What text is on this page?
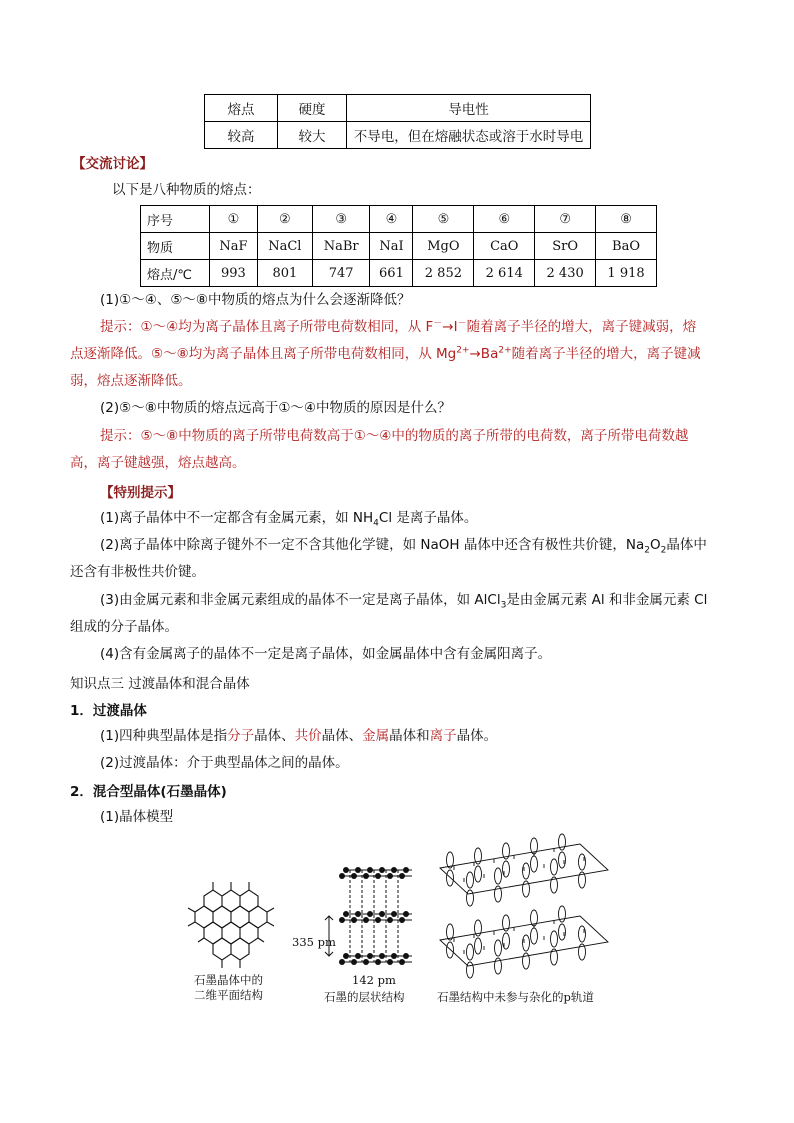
熔点	硬度	导电性
较高	较大	不导电，但在熔融状态或溶于水时导电
【交流讨论】
以下是八种物质的熔点：
序号	①	②	③	④	⑤	⑥	⑦	⑧
物质	NaF	NaCl	NaBr	NaI	MgO	CaO	SrO	BaO
熔点/℃	993	801	747	661	2 852	2 614	2 430	1 918
(1)①～④、⑤～⑧中物质的熔点为什么会逐渐降低？
提示：①～④均为离子晶体且离子所带电荷数相同，从 F－→I－随着离子半径的增大，离子键减弱，熔
点逐渐降低。⑤～⑧均为离子晶体且离子所带电荷数相同，从 $Mg^{2+}\to Ba^{2+}$随着离子半径的增大，离子键减
弱，熔点逐渐降低。
(2)⑤～⑧中物质的熔点远高于①～④中物质的原因是什么？
提示：⑤～⑧中物质的离子所带电荷数高于①～④中的物质的离子所带的电荷数，离子所带电荷数越
高，离子键越强，熔点越高。
【特别提示】
(1)离子晶体中不一定都含有金属元素，如 $NH_4Cl$ 是离子晶体。
(2)离子晶体中除离子键外不一定不含其他化学键，如 NaOH 晶体中还含有极性共价键，$Na_2O_2$晶体中
还含有非极性共价键。
(3)由金属元素和非金属元素组成的晶体不一定是离子晶体，如 AlCl$_3$是由金属元素 Al 和非金属元素 Cl
组成的分子晶体。
(4)含有金属离子的晶体不一定是离子晶体，如金属晶体中含有金属阳离子。
知识点三 过渡晶体和混合晶体
1．过渡晶体
(1)四种典型晶体是指分子晶体、共价晶体、金属晶体和离子晶体。
(2)过渡晶体：介于典型晶体之间的晶体。
2．混合型晶体(石墨晶体)
(1)晶体模型
石墨晶体中的
二维平面结构
335 pm
142 pm
石墨的层状结构	石墨结构中未参与杂化的p轨道
